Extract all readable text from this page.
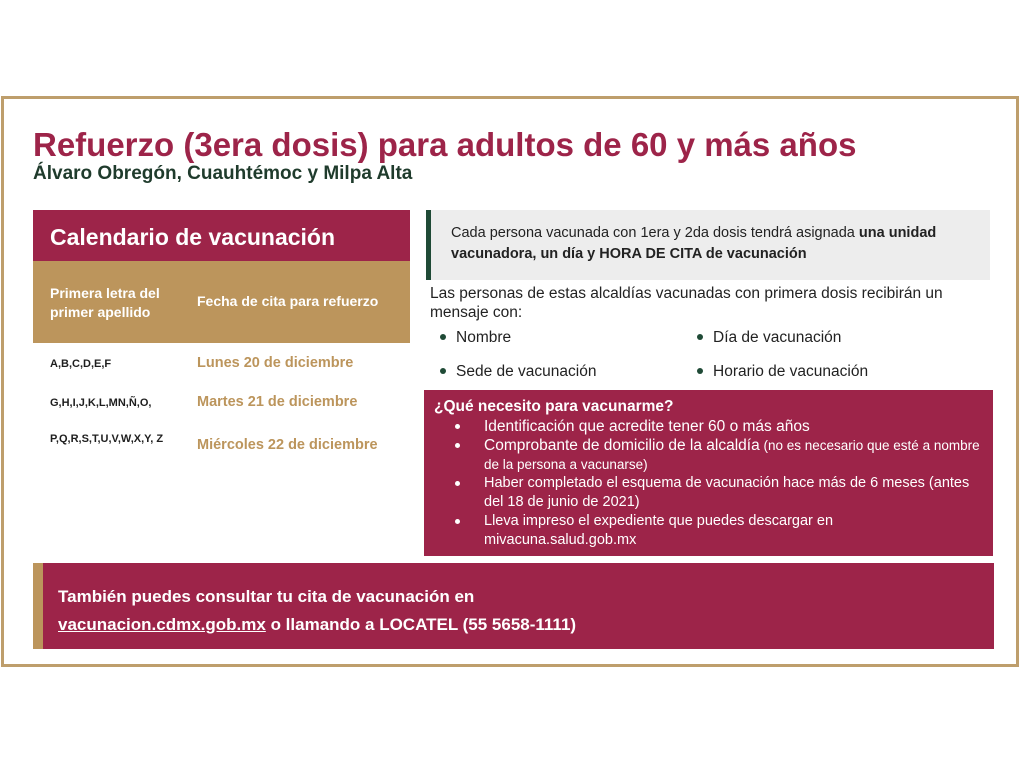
Refuerzo (3era dosis) para adultos de 60 y más años
Álvaro Obregón, Cuauhtémoc y Milpa Alta
Calendario de vacunación
Primera letra del primer apellido
Fecha de cita para refuerzo
A,B,C,D,E,F	Lunes 20 de diciembre
G,H,I,J,K,L,MN,Ñ,O,	Martes 21 de diciembre
P,Q,R,S,T,U,V,W,X,Y, Z	Miércoles 22 de diciembre
Cada persona vacunada con 1era y 2da dosis tendrá asignada una unidad vacunadora, un día y HORA DE CITA de vacunación
Las personas de estas alcaldías vacunadas con primera dosis recibirán un mensaje con:
Nombre	Día de vacunación
Sede de vacunación	Horario de vacunación
¿Qué necesito para vacunarme?
Identificación que acredite tener 60 o más años
Comprobante de domicilio de la alcaldía (no es necesario que esté a nombre de la persona a vacunarse)
Haber completado el esquema de vacunación hace más de 6 meses (antes del 18 de junio de 2021)
Lleva impreso el expediente que puedes descargar en mivacuna.salud.gob.mx
También puedes consultar tu cita de vacunación en
vacunacion.cdmx.gob.mx o llamando a LOCATEL (55 5658-1111)
